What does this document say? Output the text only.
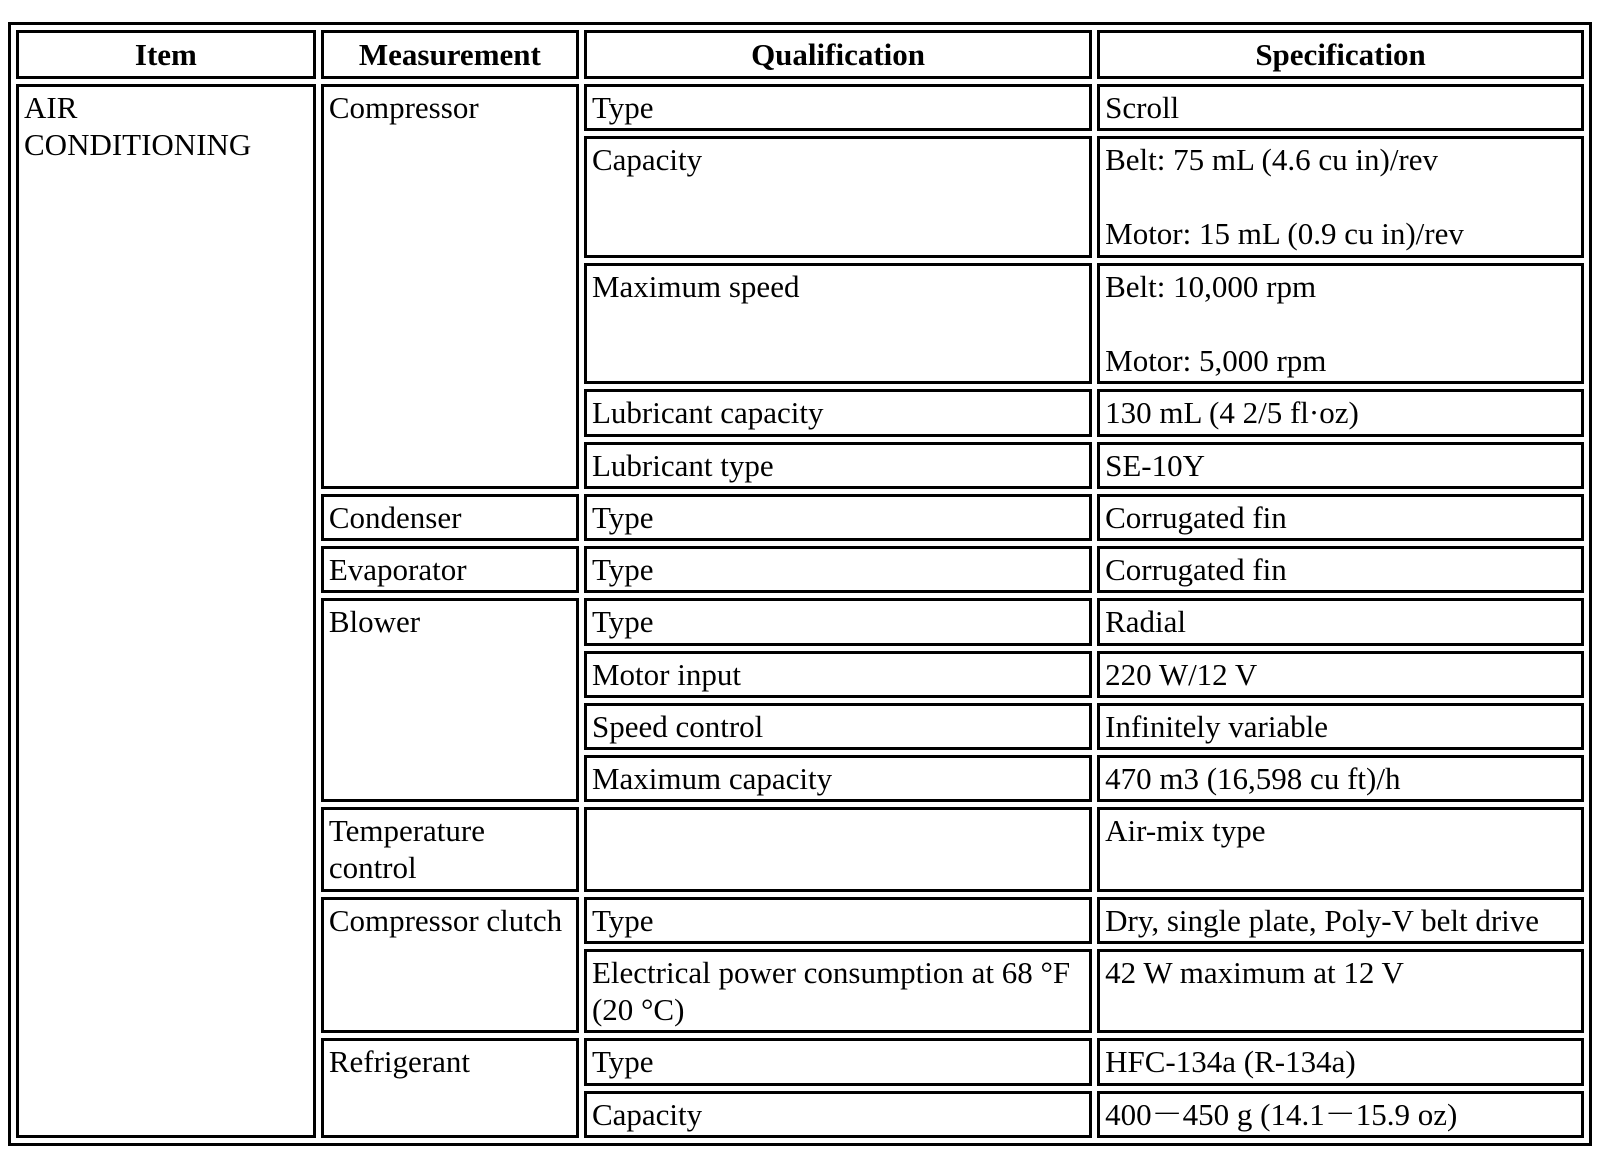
Item	Measurement	Qualification	Specification
AIR CONDITIONING	Compressor	Type	Scroll

		Capacity	Belt: 75 mL (4.6 cu in)/rev
Motor: 15 mL (0.9 cu in)/rev

		Maximum speed	Belt: 10,000 rpm
Motor: 5,000 rpm

		Lubricant capacity	130 mL (4 2/5 fl·oz)

		Lubricant type	SE-10Y

	Condenser	Type	Corrugated fin

	Evaporator	Type	Corrugated fin

	Blower	Type	Radial

		Motor input	220 W/12 V

		Speed control	Infinitely variable

		Maximum capacity	470 m3 (16,598 cu ft)/h

	Temperature control		Air-mix type

	Compressor clutch	Type	Dry, single plate, Poly-V belt drive

		Electrical power consumption at 68 °F (20 °C)	42 W maximum at 12 V

	Refrigerant	Type	HFC-134a (R-134a)

		Capacity	400－450 g (14.1－15.9 oz)
